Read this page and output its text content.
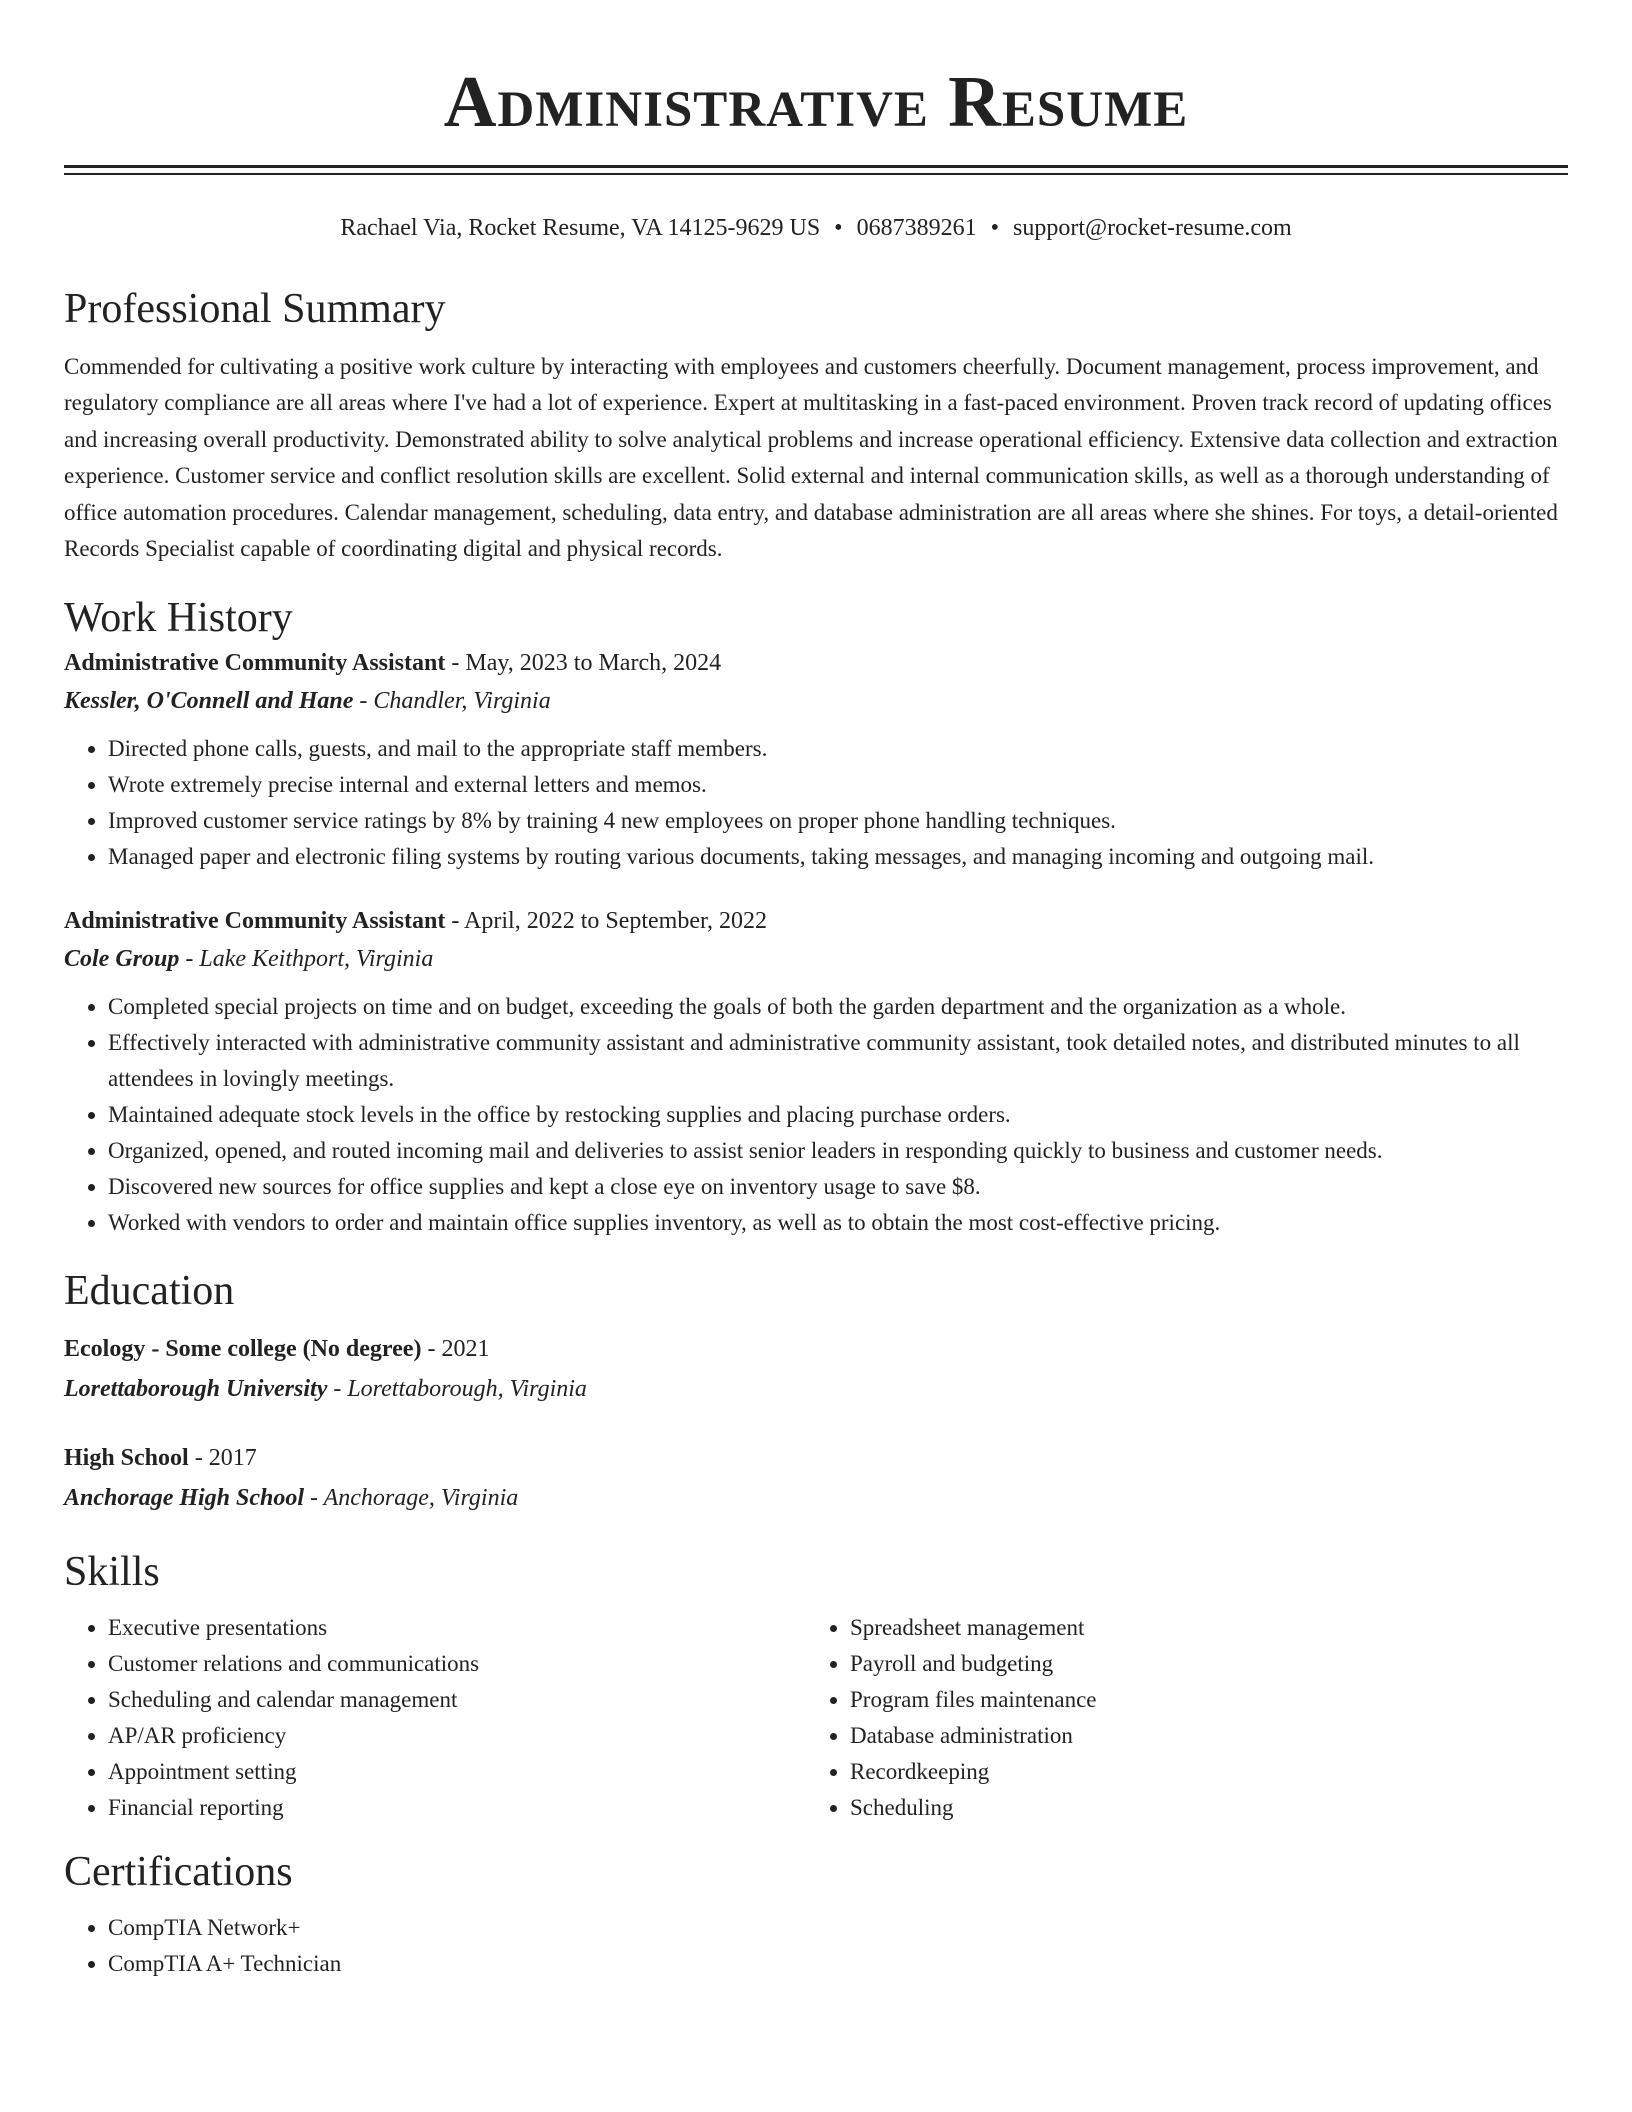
Administrative Resume
Rachael Via, Rocket Resume, VA 14125-9629 US • 0687389261 • support@rocket-resume.com
Professional Summary

Commended for cultivating a positive work culture by interacting with employees and customers cheerfully. Document management, process improvement, and regulatory compliance are all areas where I've had a lot of experience. Expert at multitasking in a fast-paced environment. Proven track record of updating offices and increasing overall productivity. Demonstrated ability to solve analytical problems and increase operational efficiency. Extensive data collection and extraction experience. Customer service and conflict resolution skills are excellent. Solid external and internal communication skills, as well as a thorough understanding of office automation procedures. Calendar management, scheduling, data entry, and database administration are all areas where she shines. For toys, a detail-oriented Records Specialist capable of coordinating digital and physical records.

Work History
Administrative Community Assistant - May, 2023 to March, 2024
Kessler, O'Connell and Hane - Chandler, Virginia
• Directed phone calls, guests, and mail to the appropriate staff members.
• Wrote extremely precise internal and external letters and memos.
• Improved customer service ratings by 8% by training 4 new employees on proper phone handling techniques.
• Managed paper and electronic filing systems by routing various documents, taking messages, and managing incoming and outgoing mail.
Administrative Community Assistant - April, 2022 to September, 2022
Cole Group - Lake Keithport, Virginia
• Completed special projects on time and on budget, exceeding the goals of both the garden department and the organization as a whole.
• Effectively interacted with administrative community assistant and administrative community assistant, took detailed notes, and distributed minutes to all attendees in lovingly meetings.
• Maintained adequate stock levels in the office by restocking supplies and placing purchase orders.
• Organized, opened, and routed incoming mail and deliveries to assist senior leaders in responding quickly to business and customer needs.
• Discovered new sources for office supplies and kept a close eye on inventory usage to save $8.
• Worked with vendors to order and maintain office supplies inventory, as well as to obtain the most cost-effective pricing.
Education
Ecology - Some college (No degree) - 2021
Lorettaborough University - Lorettaborough, Virginia
High School - 2017
Anchorage High School - Anchorage, Virginia
Skills
• Executive presentations
• Customer relations and communications
• Scheduling and calendar management
• AP/AR proficiency
• Appointment setting
• Financial reporting
• Spreadsheet management
• Payroll and budgeting
• Program files maintenance
• Database administration
• Recordkeeping
• Scheduling
Certifications
• CompTIA Network+
• CompTIA A+ Technician
